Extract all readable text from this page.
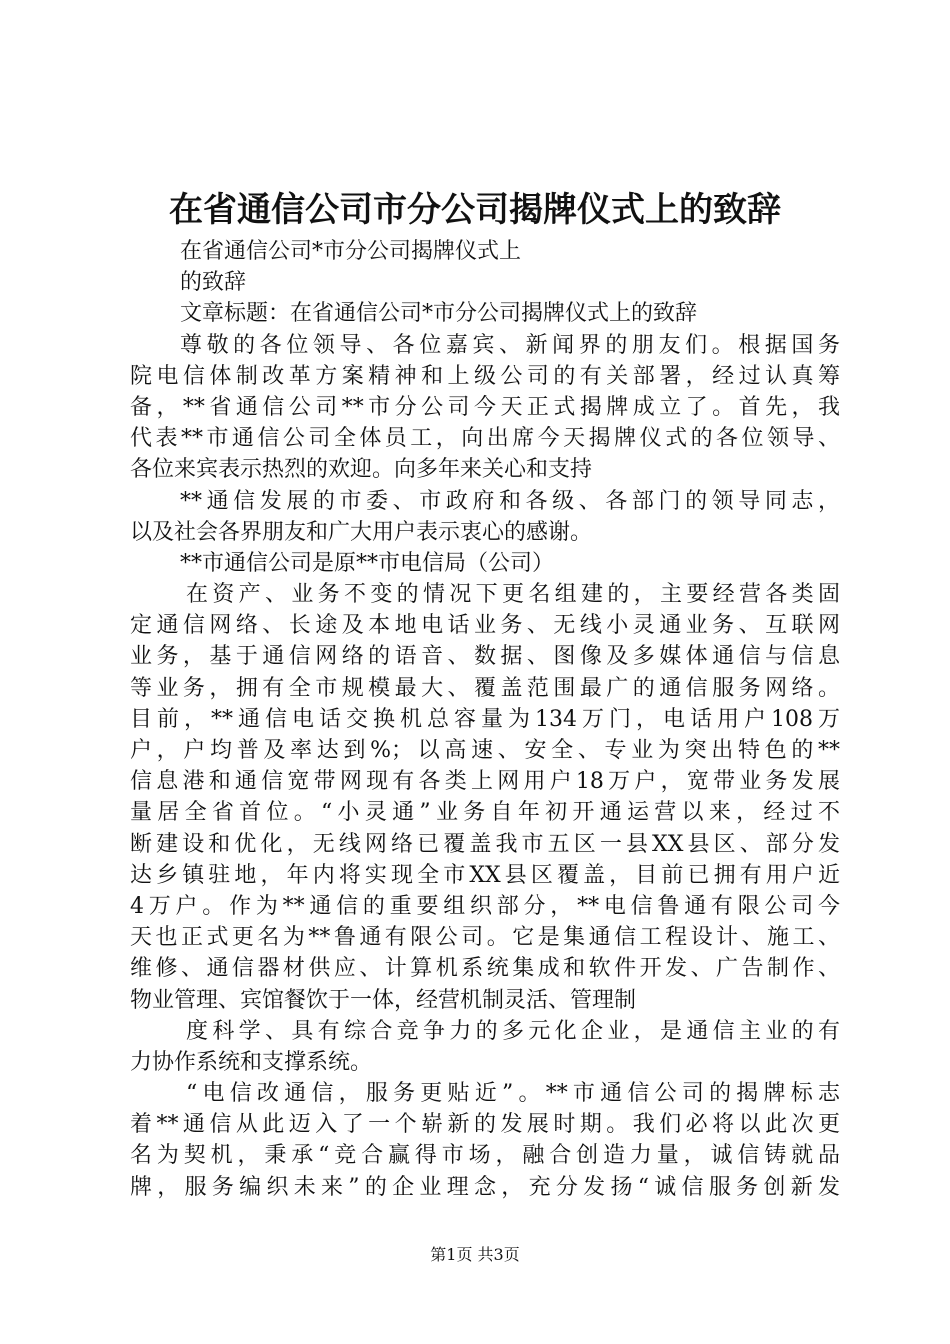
在省通信公司市分公司揭牌仪式上的致辞
在省通信公司*市分公司揭牌仪式上
的致辞
文章标题：在省通信公司*市分公司揭牌仪式上的致辞
尊敬的各位领导、各位嘉宾、新闻界的朋友们。根据国务
院电信体制改革方案精神和上级公司的有关部署，经过认真筹
备，**省通信公司**市分公司今天正式揭牌成立了。首先，我
代表**市通信公司全体员工，向出席今天揭牌仪式的各位领导、
各位来宾表示热烈的欢迎。向多年来关心和支持
**通信发展的市委、市政府和各级、各部门的领导同志，
以及社会各界朋友和广大用户表示衷心的感谢。
**市通信公司是原**市电信局（公司）
在资产、业务不变的情况下更名组建的，主要经营各类固
定通信网络、长途及本地电话业务、无线小灵通业务、互联网
业务，基于通信网络的语音、数据、图像及多媒体通信与信息
等业务，拥有全市规模最大、覆盖范围最广的通信服务网络。
目前，**通信电话交换机总容量为134万门，电话用户108万
户，户均普及率达到%；以高速、安全、专业为突出特色的**
信息港和通信宽带网现有各类上网用户18万户，宽带业务发展
量居全省首位。“小灵通”业务自年初开通运营以来，经过不
断建设和优化，无线网络已覆盖我市五区一县XX县区、部分发
达乡镇驻地，年内将实现全市XX县区覆盖，目前已拥有用户近
4万户。作为**通信的重要组织部分，**电信鲁通有限公司今
天也正式更名为**鲁通有限公司。它是集通信工程设计、施工、
维修、通信器材供应、计算机系统集成和软件开发、广告制作、
物业管理、宾馆餐饮于一体，经营机制灵活、管理制
度科学、具有综合竞争力的多元化企业，是通信主业的有
力协作系统和支撑系统。
“电信改通信，服务更贴近”。**市通信公司的揭牌标志
着**通信从此迈入了一个崭新的发展时期。我们必将以此次更
名为契机，秉承“竞合赢得市场，融合创造力量，诚信铸就品
牌，服务编织未来”的企业理念，充分发扬“诚信服务创新发
第1页 共3页
